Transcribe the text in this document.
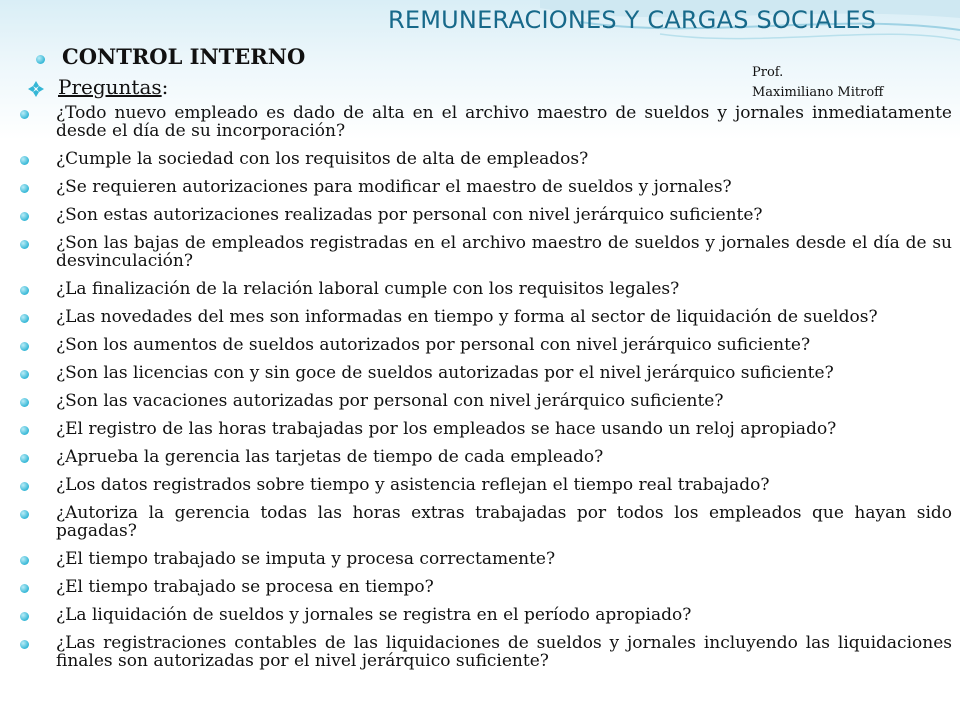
REMUNERACIONES Y CARGAS SOCIALES
CONTROL INTERNO
Preguntas:
Prof.
Maximiliano Mitroff
¿Todo nuevo empleado es dado de alta en el archivo maestro de sueldos y jornales inmediatamente desde el día de su incorporación?
¿Cumple la sociedad con los requisitos de alta de empleados?
¿Se requieren autorizaciones para modificar el maestro de sueldos y jornales?
¿Son estas autorizaciones realizadas por personal con nivel jerárquico suficiente?
¿Son las bajas de empleados registradas en el archivo maestro de sueldos y jornales desde el día de su desvinculación?
¿La finalización de la relación laboral cumple con los requisitos legales?
¿Las novedades del mes son informadas en tiempo y forma al sector de liquidación de sueldos?
¿Son los aumentos de sueldos autorizados por personal con nivel jerárquico suficiente?
¿Son las licencias con y sin goce de sueldos autorizadas por el nivel jerárquico suficiente?
¿Son las vacaciones autorizadas por personal con nivel jerárquico suficiente?
¿El registro de las horas trabajadas por los empleados se hace usando un reloj apropiado?
¿Aprueba la gerencia las tarjetas de tiempo de cada empleado?
¿Los datos registrados sobre tiempo y asistencia reflejan el tiempo real trabajado?
¿Autoriza la gerencia todas las horas extras trabajadas por todos los empleados que hayan sido pagadas?
¿El tiempo trabajado se imputa y procesa correctamente?
¿El tiempo trabajado se procesa en tiempo?
¿La liquidación de sueldos y jornales se registra en el período apropiado?
¿Las registraciones contables de las liquidaciones de sueldos y jornales incluyendo las liquidaciones finales son autorizadas por el nivel jerárquico suficiente?
